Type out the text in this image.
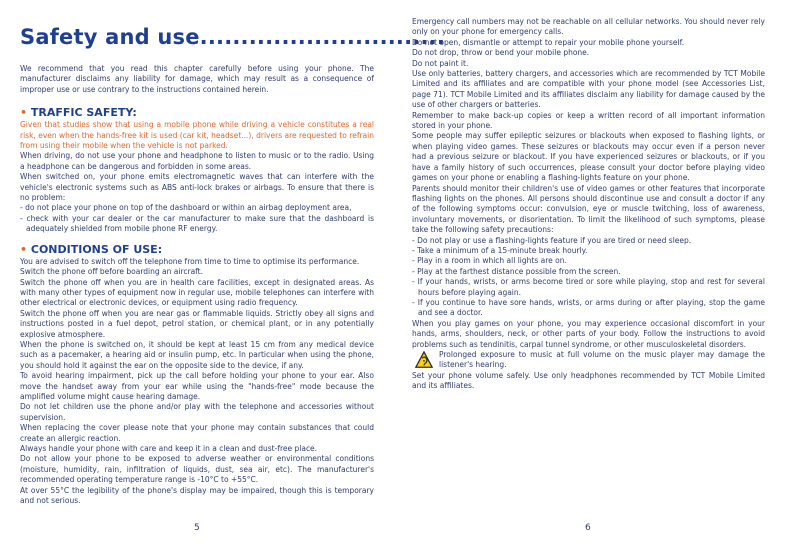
Safety and use..............................

We recommend that you read this chapter carefully before using your phone. The manufacturer disclaims any liability for damage, which may result as a consequence of improper use or use contrary to the instructions contained herein.

• TRAFFIC SAFETY:

Given that studies show that using a mobile phone while driving a vehicle constitutes a real risk, even when the hands-free kit is used (car kit, headset...), drivers are requested to refrain from using their mobile when the vehicle is not parked.

When driving, do not use your phone and headphone to listen to music or to the radio. Using a headphone can be dangerous and forbidden in some areas.

When switched on, your phone emits electromagnetic waves that can interfere with the vehicle's electronic systems such as ABS anti-lock brakes or airbags. To ensure that there is no problem:

- do not place your phone on top of the dashboard or within an airbag deployment area,

- check with your car dealer or the car manufacturer to make sure that the dashboard is adequately shielded from mobile phone RF energy.

• CONDITIONS OF USE:

You are advised to switch off the telephone from time to time to optimise its performance.

Switch the phone off before boarding an aircraft.

Switch the phone off when you are in health care facilities, except in designated areas. As with many other types of equipment now in regular use, mobile telephones can interfere with other electrical or electronic devices, or equipment using radio frequency.

Switch the phone off when you are near gas or flammable liquids. Strictly obey all signs and instructions posted in a fuel depot, petrol station, or chemical plant, or in any potentially explosive atmosphere.

When the phone is switched on, it should be kept at least 15 cm from any medical device such as a pacemaker, a hearing aid or insulin pump, etc. In particular when using the phone, you should hold it against the ear on the opposite side to the device, if any.

To avoid hearing impairment, pick up the call before holding your phone to your ear. Also move the handset away from your ear while using the "hands-free" mode because the amplified volume might cause hearing damage.

Do not let children use the phone and/or play with the telephone and accessories without supervision.

When replacing the cover please note that your phone may contain substances that could create an allergic reaction.

Always handle your phone with care and keep it in a clean and dust-free place.

Do not allow your phone to be exposed to adverse weather or environmental conditions (moisture, humidity, rain, infiltration of liquids, dust, sea air, etc). The manufacturer's recommended operating temperature range is -10°C to +55°C.

At over 55°C the legibility of the phone's display may be impaired, though this is temporary and not serious.

5

Emergency call numbers may not be reachable on all cellular networks. You should never rely only on your phone for emergency calls.

Do not open, dismantle or attempt to repair your mobile phone yourself.

Do not drop, throw or bend your mobile phone.

Do not paint it.

Use only batteries, battery chargers, and accessories which are recommended by TCT Mobile Limited and its affiliates and are compatible with your phone model (see Accessories List, page 71). TCT Mobile Limited and its affiliates disclaim any liability for damage caused by the use of other chargers or batteries.

Remember to make back-up copies or keep a written record of all important information stored in your phone.

Some people may suffer epileptic seizures or blackouts when exposed to flashing lights, or when playing video games. These seizures or blackouts may occur even if a person never had a previous seizure or blackout. If you have experienced seizures or blackouts, or if you have a family history of such occurrences, please consult your doctor before playing video games on your phone or enabling a flashing-lights feature on your phone.

Parents should monitor their children's use of video games or other features that incorporate flashing lights on the phones. All persons should discontinue use and consult a doctor if any of the following symptoms occur: convulsion, eye or muscle twitching, loss of awareness, involuntary movements, or disorientation. To limit the likelihood of such symptoms, please take the following safety precautions:

- Do not play or use a flashing-lights feature if you are tired or need sleep.

- Take a minimum of a 15-minute break hourly.

- Play in a room in which all lights are on.

- Play at the farthest distance possible from the screen.

- If your hands, wrists, or arms become tired or sore while playing, stop and rest for several hours before playing again.

- If you continue to have sore hands, wrists, or arms during or after playing, stop the game and see a doctor.

When you play games on your phone, you may experience occasional discomfort in your hands, arms, shoulders, neck, or other parts of your body. Follow the instructions to avoid problems such as tendinitis, carpal tunnel syndrome, or other musculoskeletal disorders.

Prolonged exposure to music at full volume on the music player may damage the listener's hearing.

Set your phone volume safely. Use only headphones recommended by TCT Mobile Limited and its affiliates.

6
